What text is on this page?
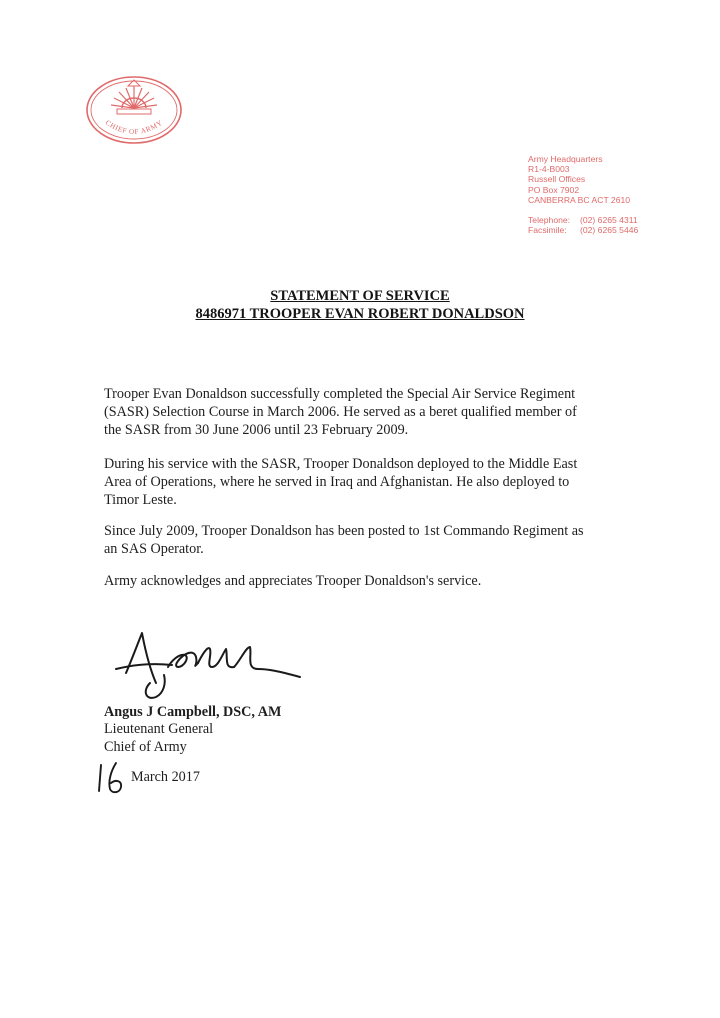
CHIEF OF ARMY
Army Headquarters
R1-4-B003
Russell Offices
PO Box 7902
CANBERRA BC ACT 2610
Telephone:	(02) 6265 4311
Facsimile:	(02) 6265 5446
STATEMENT OF SERVICE
8486971 TROOPER EVAN ROBERT DONALDSON
Trooper Evan Donaldson successfully completed the Special Air Service Regiment
(SASR) Selection Course in March 2006. He served as a beret qualified member of
the SASR from 30 June 2006 until 23 February 2009.
During his service with the SASR, Trooper Donaldson deployed to the Middle East
Area of Operations, where he served in Iraq and Afghanistan. He also deployed to
Timor Leste.
Since July 2009, Trooper Donaldson has been posted to 1st Commando Regiment as
an SAS Operator.
Army acknowledges and appreciates Trooper Donaldson's service.
Angus J Campbell, DSC, AM
Lieutenant General
Chief of Army
March 2017
